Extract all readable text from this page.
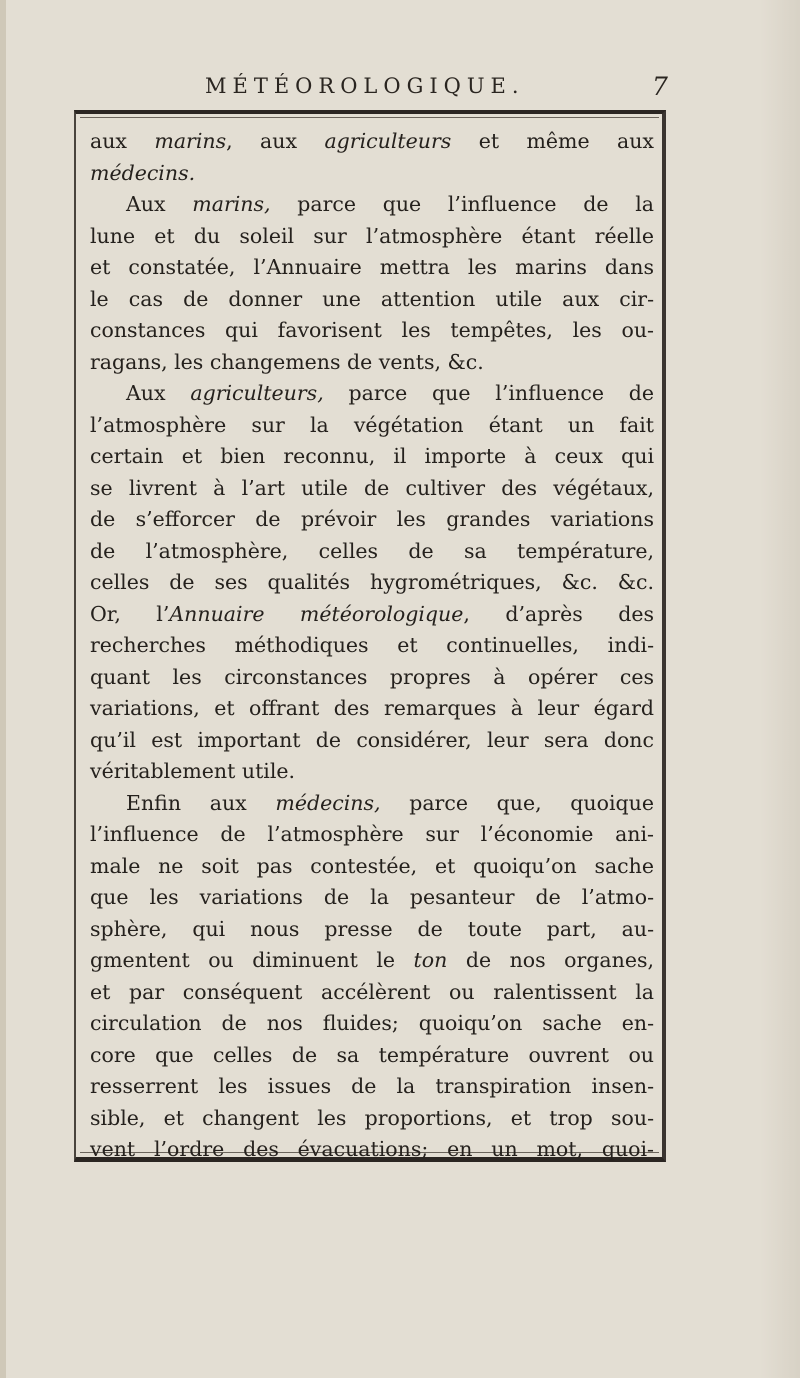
MÉTÉOROLOGIQUE.	7
aux marins, aux agriculteurs et même aux
médecins.
Aux marins, parce que l’influence de la
lune et du soleil sur l’atmosphère étant réelle
et constatée, l’Annuaire mettra les marins dans
le cas de donner une attention utile aux cir-
constances qui favorisent les tempêtes, les ou-
ragans, les changemens de vents, &c.
Aux agriculteurs, parce que l’influence de
l’atmosphère sur la végétation étant un fait
certain et bien reconnu, il importe à ceux qui
se livrent à l’art utile de cultiver des végétaux,
de s’efforcer de prévoir les grandes variations
de l’atmosphère, celles de sa température,
celles de ses qualités hygrométriques, &c. &c.
Or, l’Annuaire météorologique, d’après des
recherches méthodiques et continuelles, indi-
quant les circonstances propres à opérer ces
variations, et offrant des remarques à leur égard
qu’il est important de considérer, leur sera donc
véritablement utile.
Enfin aux médecins, parce que, quoique
l’influence de l’atmosphère sur l’économie ani-
male ne soit pas contestée, et quoiqu’on sache
que les variations de la pesanteur de l’atmo-
sphère, qui nous presse de toute part, au-
gmentent ou diminuent le ton de nos organes,
et par conséquent accélèrent ou ralentissent la
circulation de nos fluides; quoiqu’on sache en-
core que celles de sa température ouvrent ou
resserrent les issues de la transpiration insen-
sible, et changent les proportions, et trop sou-
vent l’ordre des évacuations; en un mot, quoi-
